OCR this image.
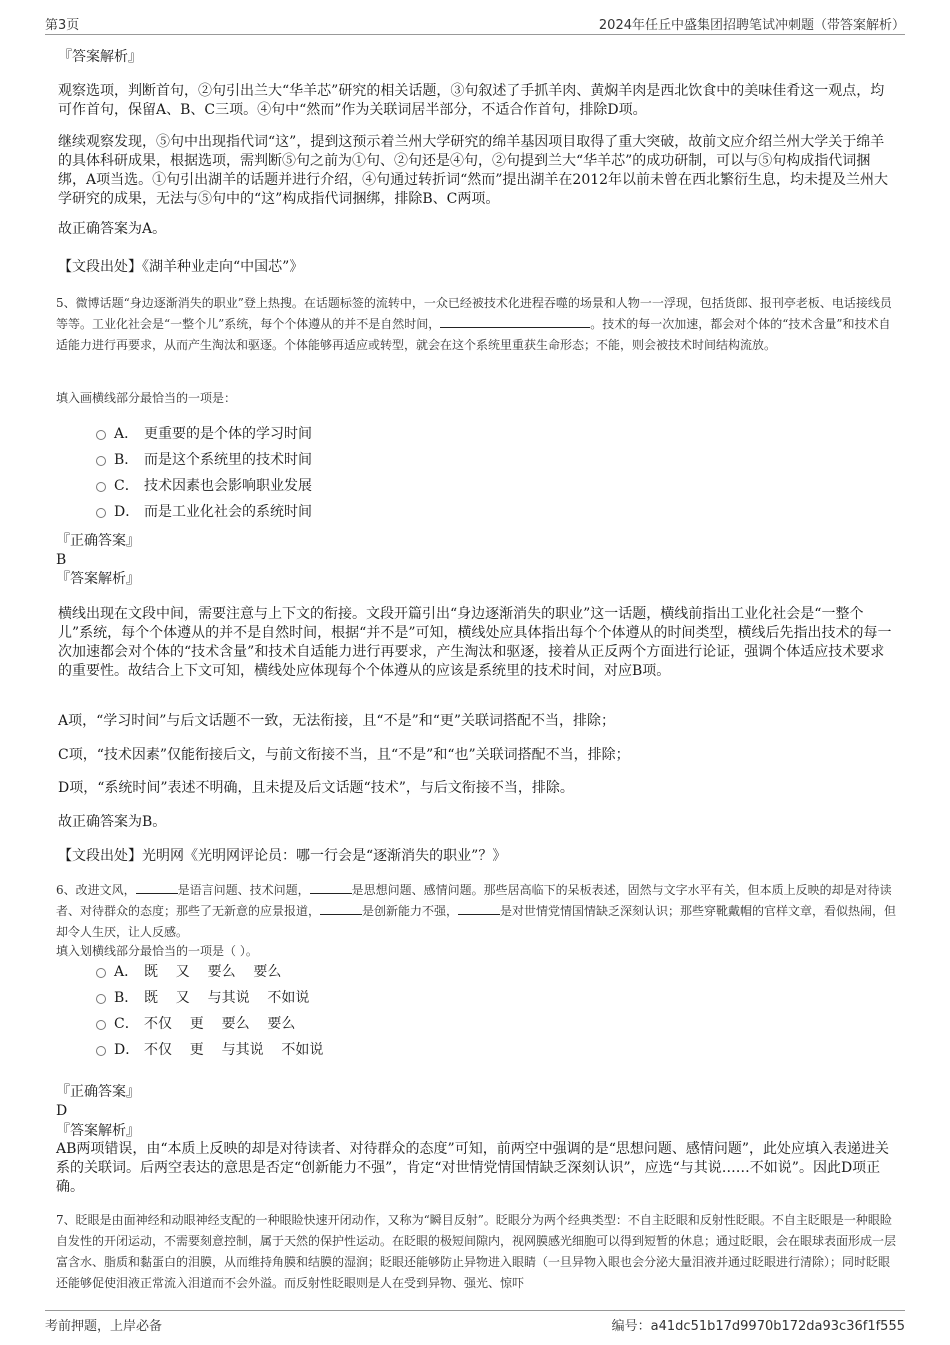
第3页	2024年任丘中盛集团招聘笔试冲刺题（带答案解析）
『答案解析』

观察选项，判断首句，②句引出兰大“华羊芯”研究的相关话题，③句叙述了手抓羊肉、黄焖羊肉是西北饮食中的美味佳肴这一观点，均可作首句，保留A、B、C三项。④句中“然而”作为关联词居半部分，不适合作首句，排除D项。

继续观察发现，⑤句中出现指代词“这”，提到这预示着兰州大学研究的绵羊基因项目取得了重大突破，故前文应介绍兰州大学关于绵羊的具体科研成果，根据选项，需判断⑤句之前为①句、②句还是④句，②句提到兰大“华羊芯”的成功研制，可以与⑤句构成指代词捆绑，A项当选。①句引出湖羊的话题并进行介绍，④句通过转折词“然而”提出湖羊在2012年以前未曾在西北繁衍生息，均未提及兰州大学研究的成果，无法与⑤句中的“这”构成指代词捆绑，排除B、C两项。

故正确答案为A。

【文段出处】《湖羊种业走向“中国芯”》

5、微博话题“身边逐渐消失的职业”登上热搜。在话题标签的流转中，一众已经被技术化进程吞噬的场景和人物一一浮现，包括货郎、报刊亭老板、电话接线员等等。工业化社会是“一整个儿”系统，每个个体遵从的并不是自然时间，	。技术的每一次加速，都会对个体的“技术含量”和技术自适能力进行再要求，从而产生淘汰和驱逐。个体能够再适应或转型，就会在这个系统里重获生命形态；不能，则会被技术时间结构流放。

填入画横线部分最恰当的一项是：

A． 更重要的是个体的学习时间
B． 而是这个系统里的技术时间
C． 技术因素也会影响职业发展
D． 而是工业化社会的系统时间
『正确答案』
B
『答案解析』

横线出现在文段中间，需要注意与上下文的衔接。文段开篇引出“身边逐渐消失的职业”这一话题，横线前指出工业化社会是“一整个儿”系统，每个个体遵从的并不是自然时间，根据“并不是”可知，横线处应具体指出每个个体遵从的时间类型，横线后先指出技术的每一次加速都会对个体的“技术含量”和技术自适能力进行再要求，产生淘汰和驱逐，接着从正反两个方面进行论证，强调个体适应技术要求的重要性。故结合上下文可知，横线处应体现每个个体遵从的应该是系统里的技术时间，对应B项。

A项，“学习时间”与后文话题不一致，无法衔接，且“不是”和“更”关联词搭配不当，排除；

C项，“技术因素”仅能衔接后文，与前文衔接不当，且“不是”和“也”关联词搭配不当，排除；

D项，“系统时间”表述不明确，且未提及后文话题“技术”，与后文衔接不当，排除。

故正确答案为B。

【文段出处】光明网《光明网评论员：哪一行会是“逐渐消失的职业”？》

6、改进文风，	是语言问题、技术问题，	是思想问题、感情问题。那些居高临下的呆板表述，固然与文字水平有关，但本质上反映的却是对待读者、对待群众的态度；那些了无新意的应景报道，	是创新能力不强，	是对世情党情国情缺乏深刻认识；那些穿靴戴帽的官样文章，看似热闹，但却令人生厌，让人反感。

填入划横线部分最恰当的一项是（ ）。

A． 既    又    要么    要么
B． 既    又    与其说    不如说
C． 不仅    更    要么    要么
D． 不仅    更    与其说    不如说
『正确答案』
D
『答案解析』

AB两项错误，由“本质上反映的却是对待读者、对待群众的态度”可知，前两空中强调的是“思想问题、感情问题”，此处应填入表递进关系的关联词。后两空表达的意思是否定“创新能力不强”，肯定“对世情党情国情缺乏深刻认识”，应选“与其说……不如说”。因此D项正确。

7、眨眼是由面神经和动眼神经支配的一种眼睑快速开闭动作，又称为“瞬目反射”。眨眼分为两个经典类型：不自主眨眼和反射性眨眼。不自主眨眼是一种眼睑自发性的开闭运动，不需要刻意控制，属于天然的保护性运动。在眨眼的极短间隙内，视网膜感光细胞可以得到短暂的休息；通过眨眼，会在眼球表面形成一层富含水、脂质和黏蛋白的泪膜，从而维持角膜和结膜的湿润；眨眼还能够防止异物进入眼睛（一旦异物入眼也会分泌大量泪液并通过眨眼进行清除）；同时眨眼还能够促使泪液正常流入泪道而不会外溢。而反射性眨眼则是人在受到异物、强光、惊吓

考前押题，上岸必备	编号：a41dc51b17d9970b172da93c36f1f555
